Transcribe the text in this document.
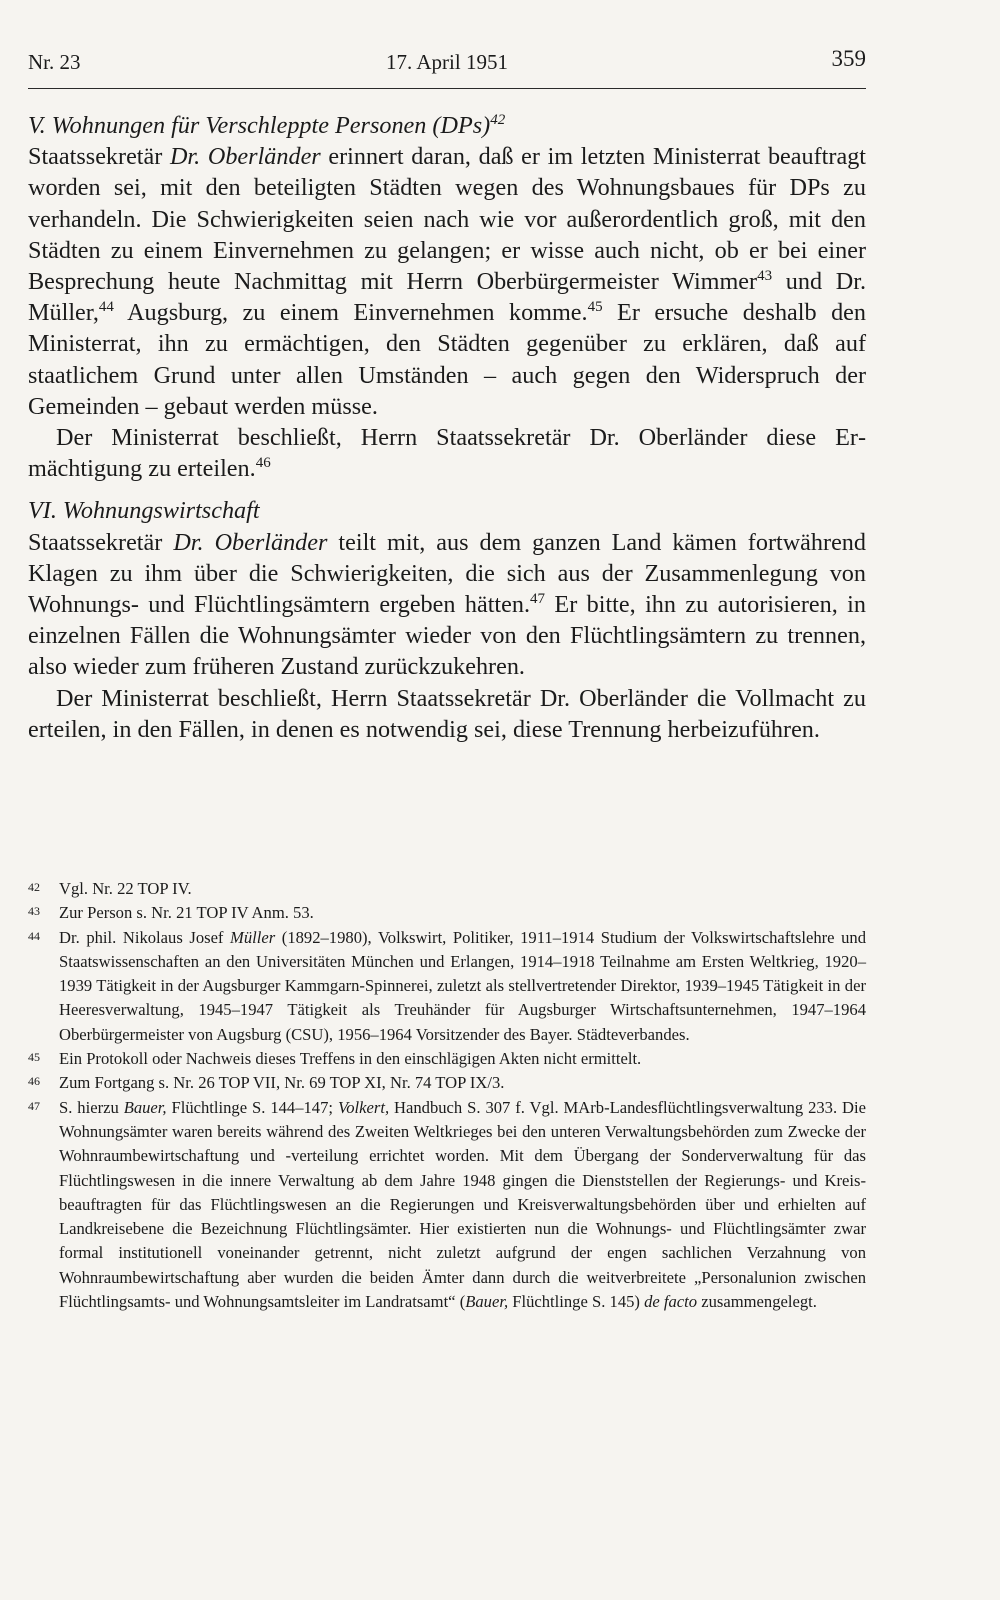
Nr. 23	17. April 1951	359
V. Wohnungen für Verschleppte Personen (DPs)$^{42}$

Staatssekretär Dr. Oberländer erinnert daran, daß er im letzten Ministerrat beauftragt worden sei, mit den beteiligten Städten wegen des Wohnungsbaues für DPs zu verhandeln. Die Schwierigkeiten seien nach wie vor außerordentlich groß, mit den Städten zu einem Einvernehmen zu gelangen; er wisse auch nicht, ob er bei einer Besprechung heute Nachmittag mit Herrn Oberbürgermeister Wimmer$^{43}$ und Dr. Müller,$^{44}$ Augsburg, zu einem Einvernehmen komme.$^{45}$ Er ersuche deshalb den Ministerrat, ihn zu ermächtigen, den Städten gegenüber zu erklären, daß auf staatlichem Grund unter allen Umständen – auch gegen den Widerspruch der Gemeinden – gebaut werden müsse.

Der Ministerrat beschließt, Herrn Staatssekretär Dr. Oberländer diese Ermächtigung zu erteilen.$^{46}$

VI. Wohnungswirtschaft

Staatssekretär Dr. Oberländer teilt mit, aus dem ganzen Land kämen fortwährend Klagen zu ihm über die Schwierigkeiten, die sich aus der Zusammenlegung von Wohnungs- und Flüchtlingsämtern ergeben hätten.$^{47}$ Er bitte, ihn zu autorisieren, in einzelnen Fällen die Wohnungsämter wieder von den Flüchtlingsämtern zu trennen, also wieder zum früheren Zustand zurückzukehren.

Der Ministerrat beschließt, Herrn Staatssekretär Dr. Oberländer die Vollmacht zu erteilen, in den Fällen, in denen es notwendig sei, diese Trennung herbeizuführen.

42 Vgl. Nr. 22 TOP IV.
43 Zur Person s. Nr. 21 TOP IV Anm. 53.
44 Dr. phil. Nikolaus Josef Müller (1892–1980), Volkswirt, Politiker, 1911–1914 Studium der Volkswirtschaftslehre und Staatswissenschaften an den Universitäten München und Erlangen, 1914–1918 Teilnahme am Ersten Weltkrieg, 1920–1939 Tätigkeit in der Augsburger Kammgarn-Spinnerei, zuletzt als stellvertretender Direktor, 1939–1945 Tätigkeit in der Heeresverwaltung, 1945–1947 Tätigkeit als Treuhänder für Augsburger Wirtschaftsunternehmen, 1947–1964 Oberbürgermeister von Augsburg (CSU), 1956–1964 Vorsitzender des Bayer. Städteverbandes.
45 Ein Protokoll oder Nachweis dieses Treffens in den einschlägigen Akten nicht ermittelt.
46 Zum Fortgang s. Nr. 26 TOP VII, Nr. 69 TOP XI, Nr. 74 TOP IX/3.
47 S. hierzu Bauer, Flüchtlinge S. 144–147; Volkert, Handbuch S. 307 f. Vgl. MArb-Landesflüchtlingsverwaltung 233. Die Wohnungsämter waren bereits während des Zweiten Weltkrieges bei den unteren Verwaltungsbehörden zum Zwecke der Wohnraumbewirtschaftung und -verteilung errichtet worden. Mit dem Übergang der Sonderverwaltung für das Flüchtlingswesen in die innere Verwaltung ab dem Jahre 1948 gingen die Dienststellen der Regierungs- und Kreisbeauftragten für das Flüchtlingswesen an die Regierungen und Kreisverwaltungsbehörden über und erhielten auf Landkreisebene die Bezeichnung Flüchtlingsämter. Hier existierten nun die Wohnungs- und Flüchtlingsämter zwar formal institutionell voneinander getrennt, nicht zuletzt aufgrund der engen sachlichen Verzahnung von Wohnraumbewirtschaftung aber wurden die beiden Ämter dann durch die weitverbreitete „Personalunion zwischen Flüchtlingsamts- und Wohnungsamtsleiter im Landratsamt“ (Bauer, Flüchtlinge S. 145) de facto zusammengelegt.
